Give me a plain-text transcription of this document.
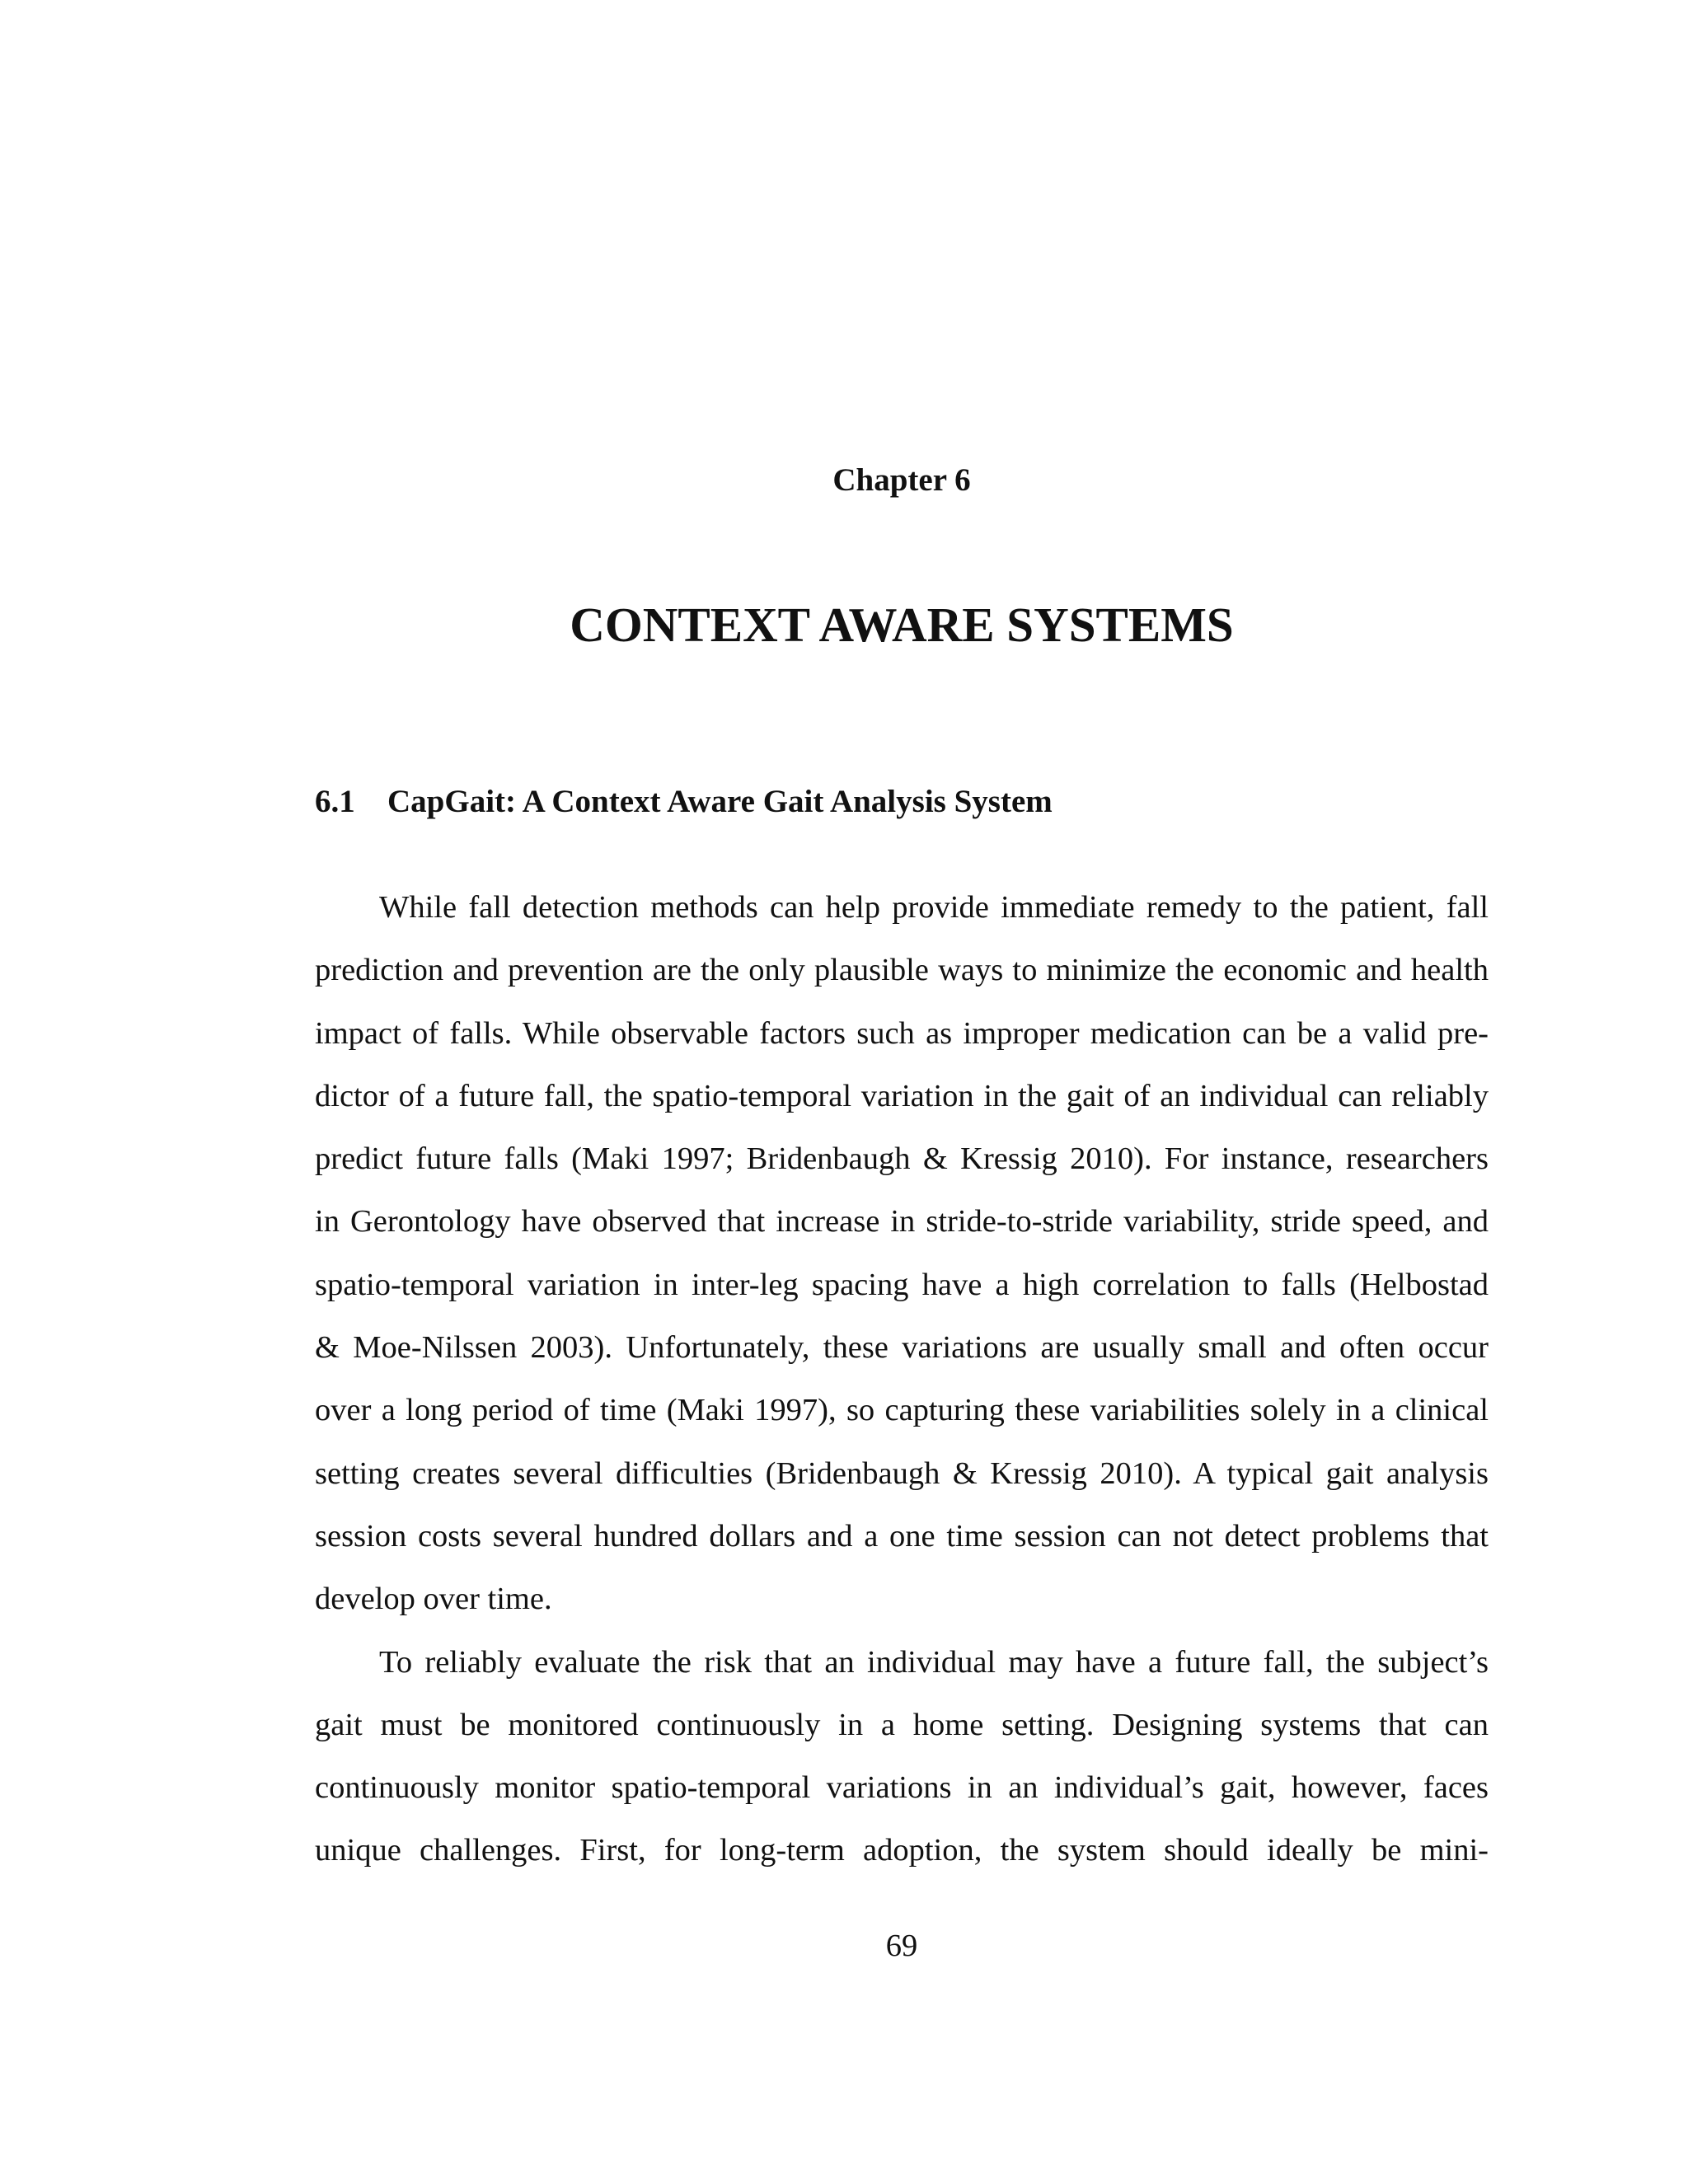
Chapter 6
CONTEXT AWARE SYSTEMS
6.1 CapGait: A Context Aware Gait Analysis System
While fall detection methods can help provide immediate remedy to the patient, fall
prediction and prevention are the only plausible ways to minimize the economic and health
impact of falls. While observable factors such as improper medication can be a valid pre-
dictor of a future fall, the spatio-temporal variation in the gait of an individual can reliably
predict future falls (Maki 1997; Bridenbaugh & Kressig 2010). For instance, researchers
in Gerontology have observed that increase in stride-to-stride variability, stride speed, and
spatio-temporal variation in inter-leg spacing have a high correlation to falls (Helbostad
& Moe-Nilssen 2003). Unfortunately, these variations are usually small and often occur
over a long period of time (Maki 1997), so capturing these variabilities solely in a clinical
setting creates several difficulties (Bridenbaugh & Kressig 2010). A typical gait analysis
session costs several hundred dollars and a one time session can not detect problems that
develop over time.
To reliably evaluate the risk that an individual may have a future fall, the subject’s
gait must be monitored continuously in a home setting. Designing systems that can
continuously monitor spatio-temporal variations in an individual’s gait, however, faces
unique challenges. First, for long-term adoption, the system should ideally be mini-
69
